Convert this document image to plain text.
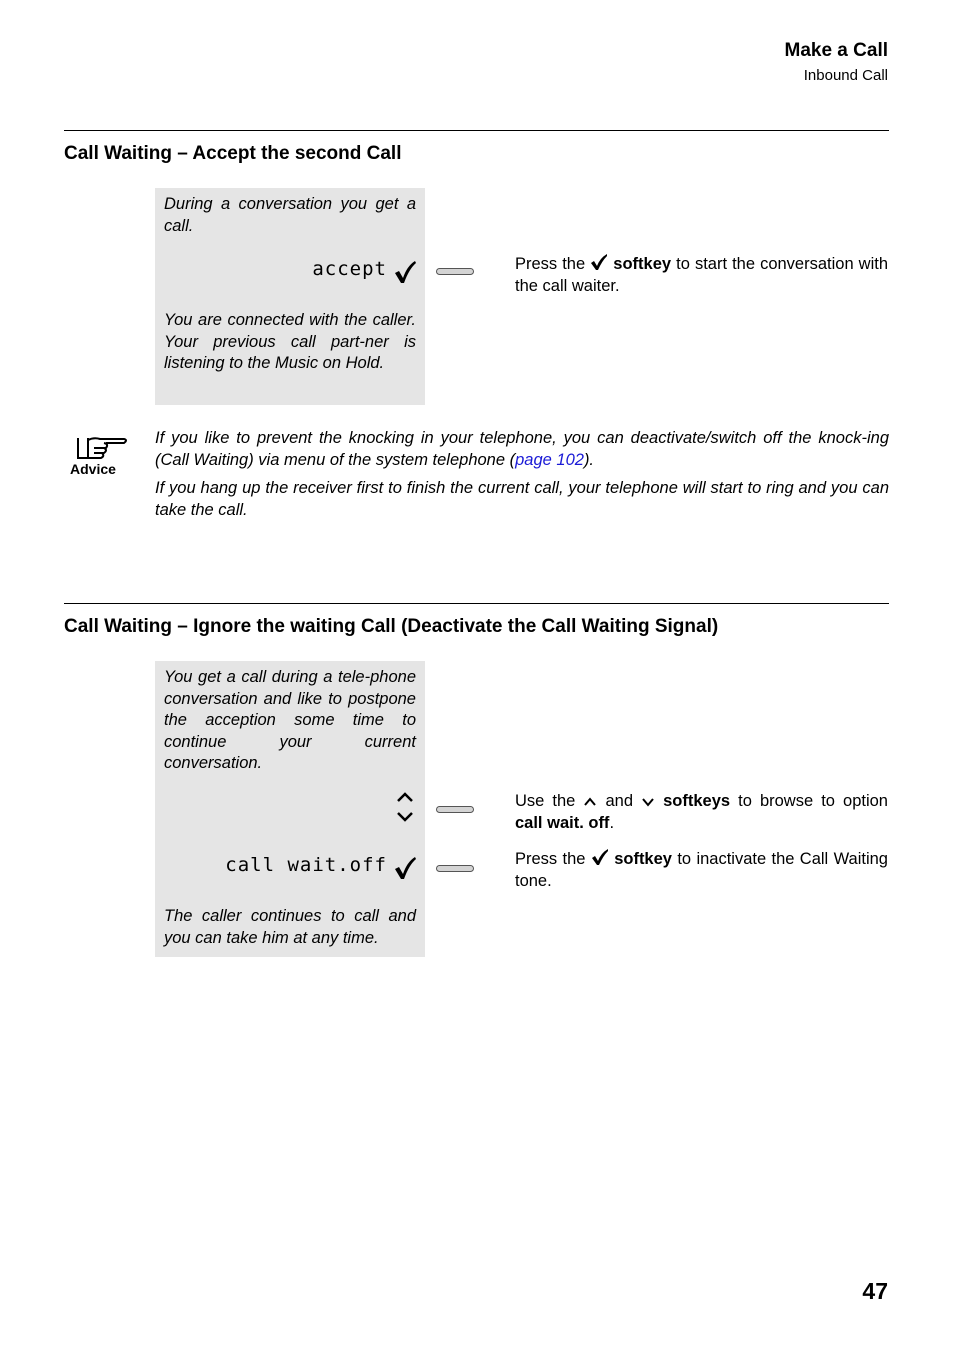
Make a Call
Inbound Call
Call Waiting – Accept the second Call
During a conversation you get a call.
accept
You are connected with the caller. Your previous call part-ner is listening to the Music on Hold.
Press the softkey to start the conversation with the call waiter.
Advice

If you like to prevent the knocking in your telephone, you can deactivate/switch off the knock-ing (Call Waiting) via menu of the system telephone (page 102).

If you hang up the receiver first to finish the current call, your telephone will start to ring and you can take the call.

Call Waiting – Ignore the waiting Call (Deactivate the Call Waiting Signal)
You get a call during a tele-phone conversation and like to postpone the acception some time to continue your current conversation.
call wait.off
The caller continues to call and you can take him at any time.
Use the and softkeys to browse to option call wait. off.
Press the softkey to inactivate the Call Waiting tone.
47
